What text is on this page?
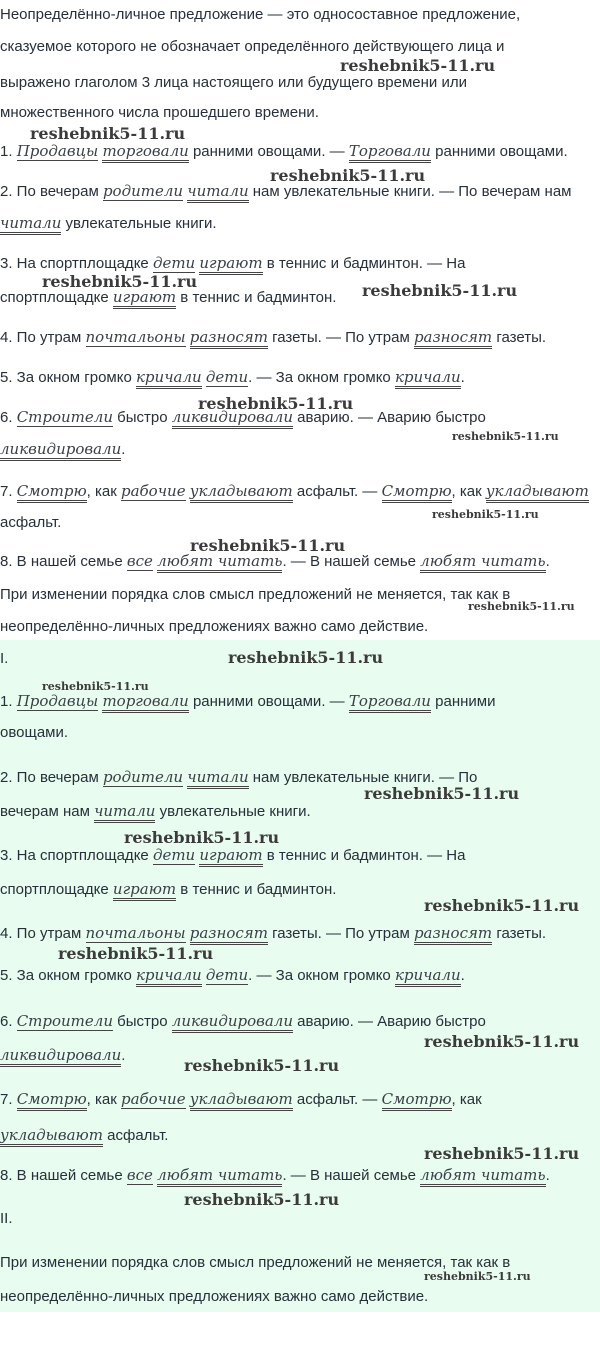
Неопределённо-личное предложение — это односоставное предложение,
сказуемое которого не обозначает определённого действующего лица и
выражено глаголом 3 лица настоящего или будущего времени или
множественного числа прошедшего времени.
1. Продавцы торговали ранними овощами. — Торговали ранними овощами.
2. По вечерам родители читали нам увлекательные книги. — По вечерам нам
читали увлекательные книги.
3. На спортплощадке дети играют в теннис и бадминтон. — На
спортплощадке играют в теннис и бадминтон.
4. По утрам почтальоны разносят газеты. — По утрам разносят газеты.
5. За окном громко кричали дети. — За окном громко кричали.
6. Строители быстро ликвидировали аварию. — Аварию быстро
ликвидировали.
7. Смотрю, как рабочие укладывают асфальт. — Смотрю, как укладывают
асфальт.
8. В нашей семье все любят читать. — В нашей семье любят читать.
При изменении порядка слов смысл предложений не меняется, так как в
неопределённо-личных предложениях важно само действие.
I.
1. Продавцы торговали ранними овощами. — Торговали ранними
овощами.
2. По вечерам родители читали нам увлекательные книги. — По
вечерам нам читали увлекательные книги.
3. На спортплощадке дети играют в теннис и бадминтон. — На
спортплощадке играют в теннис и бадминтон.
4. По утрам почтальоны разносят газеты. — По утрам разносят газеты.
5. За окном громко кричали дети. — За окном громко кричали.
6. Строители быстро ликвидировали аварию. — Аварию быстро
ликвидировали.
7. Смотрю, как рабочие укладывают асфальт. — Смотрю, как
укладывают асфальт.
8. В нашей семье все любят читать. — В нашей семье любят читать.
II.
При изменении порядка слов смысл предложений не меняется, так как в
неопределённо-личных предложениях важно само действие.
reshebnik5-11.ru
reshebnik5-11.ru
reshebnik5-11.ru
reshebnik5-11.ru	reshebnik5-11.ru
reshebnik5-11.ru
reshebnik5-11.ru
reshebnik5-11.ru
reshebnik5-11.ru
reshebnik5-11.ru
reshebnik5-11.ru
reshebnik5-11.ru
reshebnik5-11.ru
reshebnik5-11.ru
reshebnik5-11.ru
reshebnik5-11.ru
reshebnik5-11.ru
reshebnik5-11.ru
reshebnik5-11.ru
reshebnik5-11.ru
reshebnik5-11.ru
